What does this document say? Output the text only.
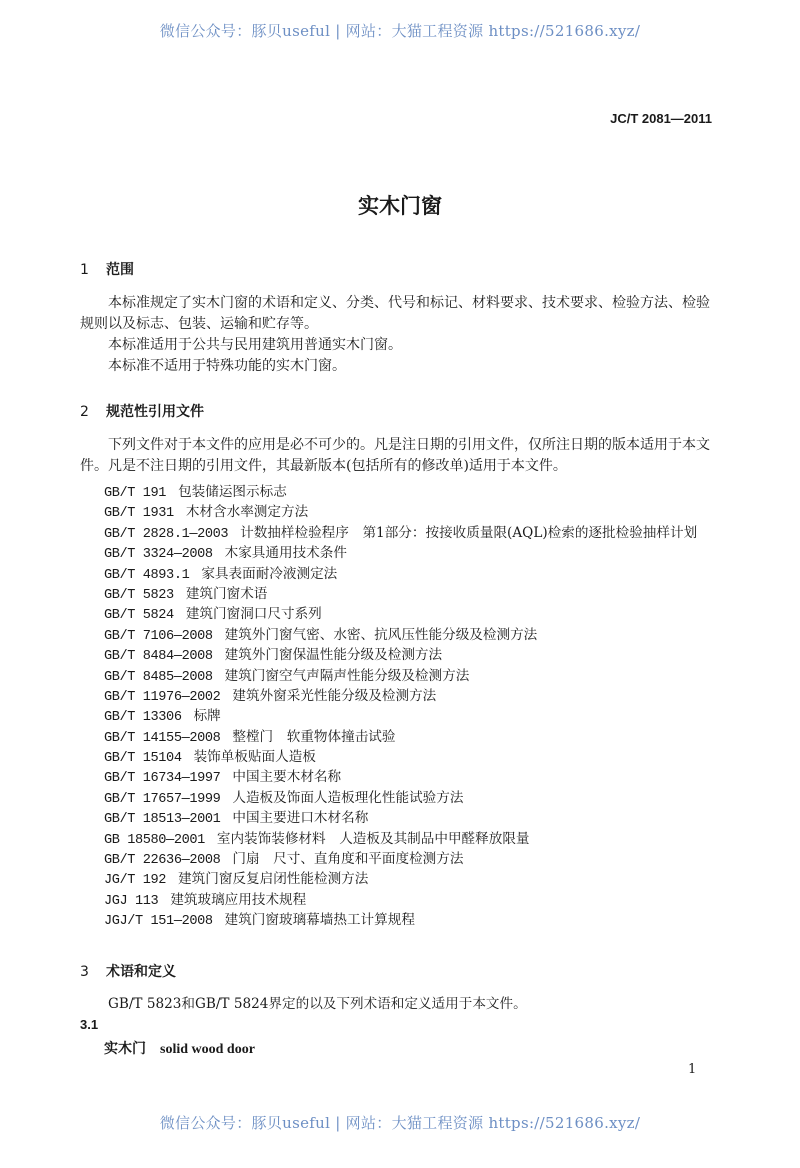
微信公众号：豚贝useful | 网站：大猫工程资源 https://521686.xyz/
JC/T 2081—2011
实木门窗
1 范围
本标准规定了实木门窗的术语和定义、分类、代号和标记、材料要求、技术要求、检验方法、检验规则以及标志、包装、运输和贮存等。
本标准适用于公共与民用建筑用普通实木门窗。
本标准不适用于特殊功能的实木门窗。
2 规范性引用文件
下列文件对于本文件的应用是必不可少的。凡是注日期的引用文件，仅所注日期的版本适用于本文件。凡是不注日期的引用文件，其最新版本(包括所有的修改单)适用于本文件。
GB/T 191 包装储运图示标志
GB/T 1931 木材含水率测定方法
GB/T 2828.1—2003 计数抽样检验程序　第1部分：按接收质量限(AQL)检索的逐批检验抽样计划
GB/T 3324—2008 木家具通用技术条件
GB/T 4893.1 家具表面耐冷液测定法
GB/T 5823 建筑门窗术语
GB/T 5824 建筑门窗洞口尺寸系列
GB/T 7106—2008 建筑外门窗气密、水密、抗风压性能分级及检测方法
GB/T 8484—2008 建筑外门窗保温性能分级及检测方法
GB/T 8485—2008 建筑门窗空气声隔声性能分级及检测方法
GB/T 11976—2002 建筑外窗采光性能分级及检测方法
GB/T 13306 标牌
GB/T 14155—2008 整樘门　软重物体撞击试验
GB/T 15104 装饰单板贴面人造板
GB/T 16734—1997 中国主要木材名称
GB/T 17657—1999 人造板及饰面人造板理化性能试验方法
GB/T 18513—2001 中国主要进口木材名称
GB 18580—2001 室内装饰装修材料　人造板及其制品中甲醛释放限量
GB/T 22636—2008 门扇　尺寸、直角度和平面度检测方法
JG/T 192 建筑门窗反复启闭性能检测方法
JGJ 113 建筑玻璃应用技术规程
JGJ/T 151—2008 建筑门窗玻璃幕墙热工计算规程
3 术语和定义
GB/T 5823和GB/T 5824界定的以及下列术语和定义适用于本文件。
3.1
实木门 solid wood door
1
微信公众号：豚贝useful | 网站：大猫工程资源 https://521686.xyz/
